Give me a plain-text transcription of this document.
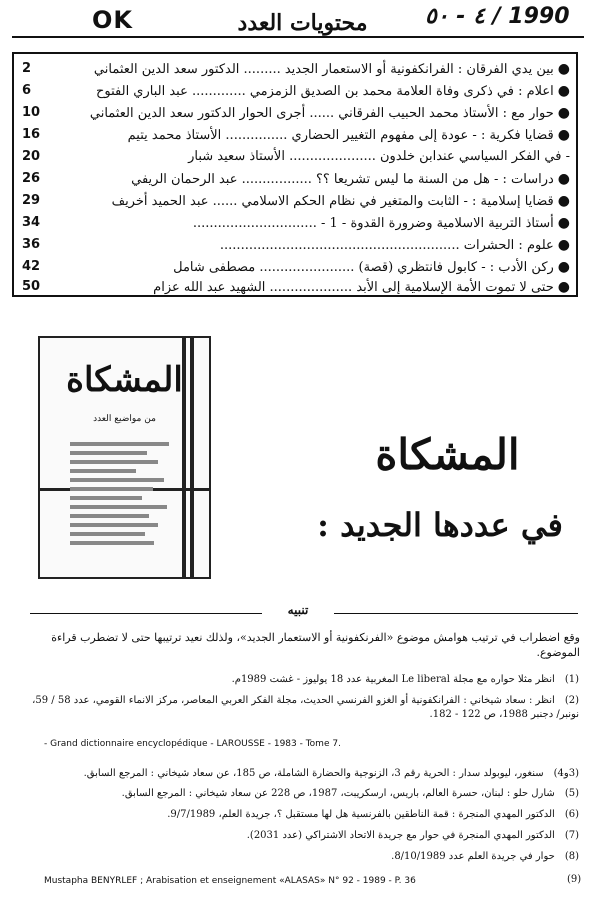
OK	محتويات العدد	٤ - ٥٠ / 1990
2	●بين يدي الفرقان : الفرانكفونية أو الاستعمار الجديد ......... الدكتور سعد الدين العثماني
6	●اعلام : في ذكرى وفاة العلامة محمد بن الصديق الزمزمي ............. عبد الباري الفتوح
10	●حوار مع : الأستاذ محمد الحبيب الفرقاني ...... أجرى الحوار الدكتور سعد الدين العثماني
16	●قضايا فكرية : - عودة إلى مفهوم التغيير الحضاري ............... الأستاذ محمد يتيم
20	- في الفكر السياسي عندابن خلدون ..................... الأستاذ سعيد شبار
26	●دراسات : - هل من السنة ما ليس تشريعا ؟؟ ................. عبد الرحمان الريفي
29	●قضايا إسلامية : - الثابت والمتغير في نظام الحكم الاسلامي ...... عبد الحميد أخريف
34	●أستاذ التربية الاسلامية وضرورة القدوة - 1 - ..............................
36	●علوم : الحشرات ..........................................................
42	●ركن الأدب : - كابول فانتظري (قصة) ....................... مصطفى شامل
50	●حتى لا تموت الأمة الإسلامية إلى الأبد .................... الشهيد عبد الله عزام
المشكاة
من مواضيع العدد
المشكاة
في عددها الجديد :
تنبيه
وقع اضطراب في ترتيب هوامش موضوع «الفرنكفونية أو الاستعمار الجديد»، ولذلك نعيد ترتيبها حتى لا تضطرب قراءة الموضوع.
(1)انظر مثلا حواره مع مجلة Le liberal المغربية عدد 18 يوليوز - غشت 1989م.
(2)انظر : سعاد شيخاني : الفرانكفونية أو الغزو الفرنسي الحديث، مجلة الفكر العربي المعاصر، مركز الانماء القومي، عدد 58 / 59، نونبر/ دجنبر 1988، ص 122 - 182.
- Grand dictionnaire encyclopédique - LAROUSSE - 1983 - Tome 7.
(3و4)سنغور، ليوبولد سدار : الحرية رقم 3، الزنوجية والحضارة الشاملة، ص 185، عن سعاد شيخاني : المرجع السابق.
(5)شارل حلو : لبنان، حسرة العالم، باريس، ارسكريبت، 1987، ص 228 عن سعاد شيخاني : المرجع السابق.
(6)الدكتور المهدي المنجرة : قمة الناطقين بالفرنسية هل لها مستقبل ؟، جريدة العلم، 9/7/1989.
(7)الدكتور المهدي المنجرة في حوار مع جريدة الاتحاد الاشتراكي (عدد 2031).
(8)حوار في جريدة العلم عدد 8/10/1989.
Mustapha BENYRLEF ; Arabisation et enseignement «ALASAS» N° 92 - 1989 - P. 36	(9)
